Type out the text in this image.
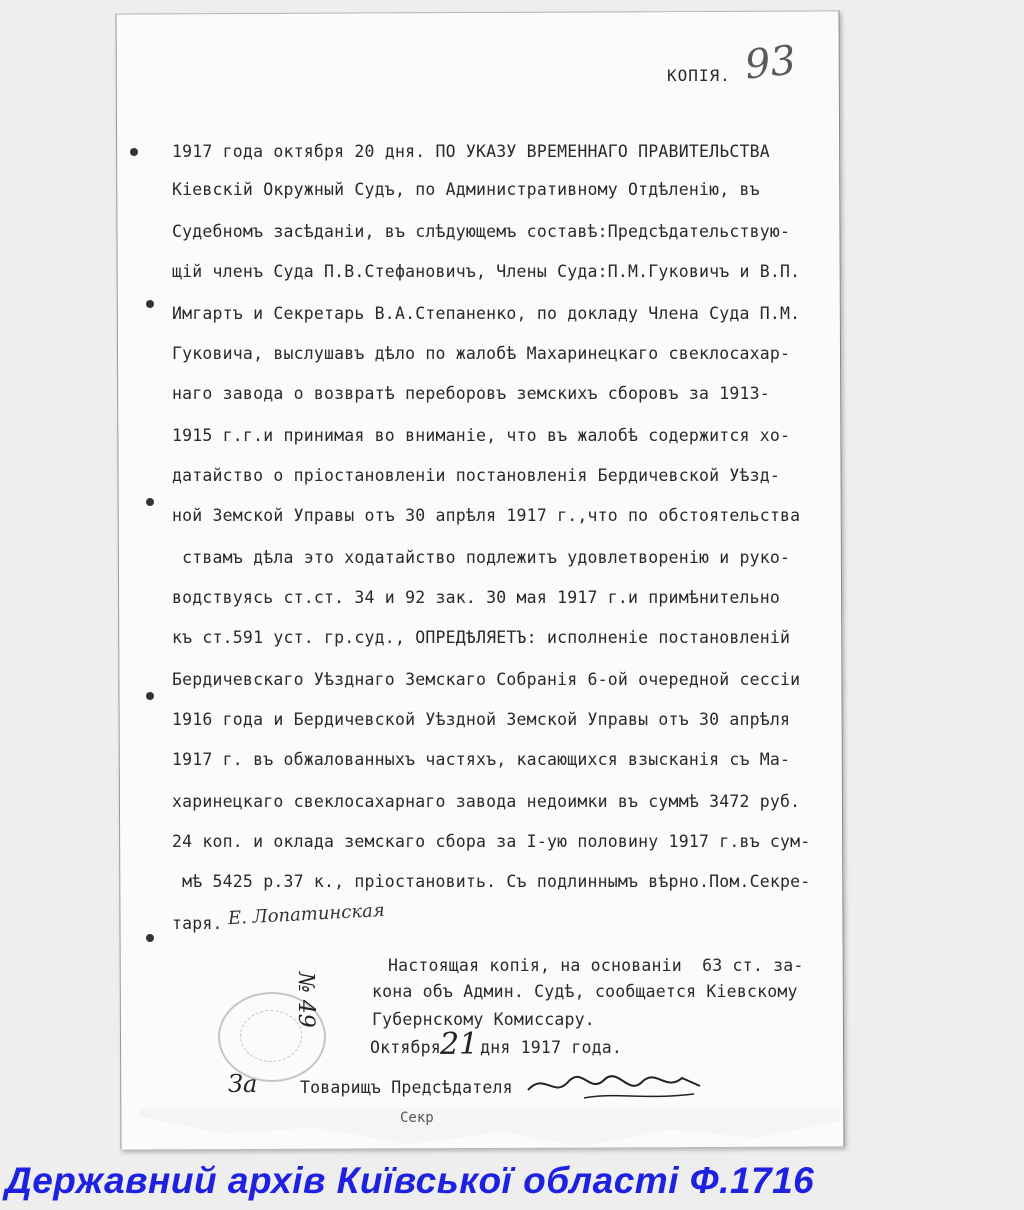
КОПІЯ. 93
1917 года октября 20 дня. ПО УКАЗУ ВРЕМЕННАГО ПРАВИТЕЛЬСТВА
Кіевскій Окружный Судъ, по Административному Отдѣленію, въ
Судебномъ засѣданіи, въ слѣдующемъ составѣ:Предсѣдательствую-
щій членъ Суда П.В.Стефановичъ, Члены Суда:П.М.Гуковичъ и В.П.
Имгартъ и Секретарь В.А.Степаненко, по докладу Члена Суда П.М.
Гуковича, выслушавъ дѣло по жалобѣ Махаринецкаго свеклосахар-
наго завода о возвратѣ переборовъ земскихъ сборовъ за 1913-
1915 г.г.и принимая во вниманіе, что въ жалобѣ содержится хо-
датайство о пріостановленіи постановленія Бердичевской Уѣзд-
ной Земской Управы отъ 30 апрѣля 1917 г.,что по обстоятельства
ствамъ дѣла это ходатайство подлежитъ удовлетворенію и руко-
водствуясь ст.ст. 34 и 92 зак. 30 мая 1917 г.и примѣнительно
къ ст.591 уст. гр.суд., ОПРЕДѢЛЯЕТЪ: исполненіе постановленій
Бердичевскаго Уѣзднаго Земскаго Собранія 6-ой очередной сессіи
1916 года и Бердичевской Уѣздной Земской Управы отъ 30 апрѣля
1917 г. въ обжалованныхъ частяхъ, касающихся взысканія съ Ма-
харинецкаго свеклосахарнаго завода недоимки въ суммѣ 3472 руб.
24 коп. и оклада земскаго сбора за I-ую половину 1917 г.въ сум-
мѣ 5425 р.37 к., пріостановить. Съ подлиннымъ вѣрно.Пом.Секре-
таря. Е. Лопатинская
Настоящая копія, на основаніи  63 ст. за-
кона объ Админ. Судѣ, сообщается Кіевскому
Губернскому Комиссару.
Октября 21
дня 1917 года.
№ 49
За	Товарищъ Предсѣдателя
Секр
Державний архів Київської області Ф.1716
